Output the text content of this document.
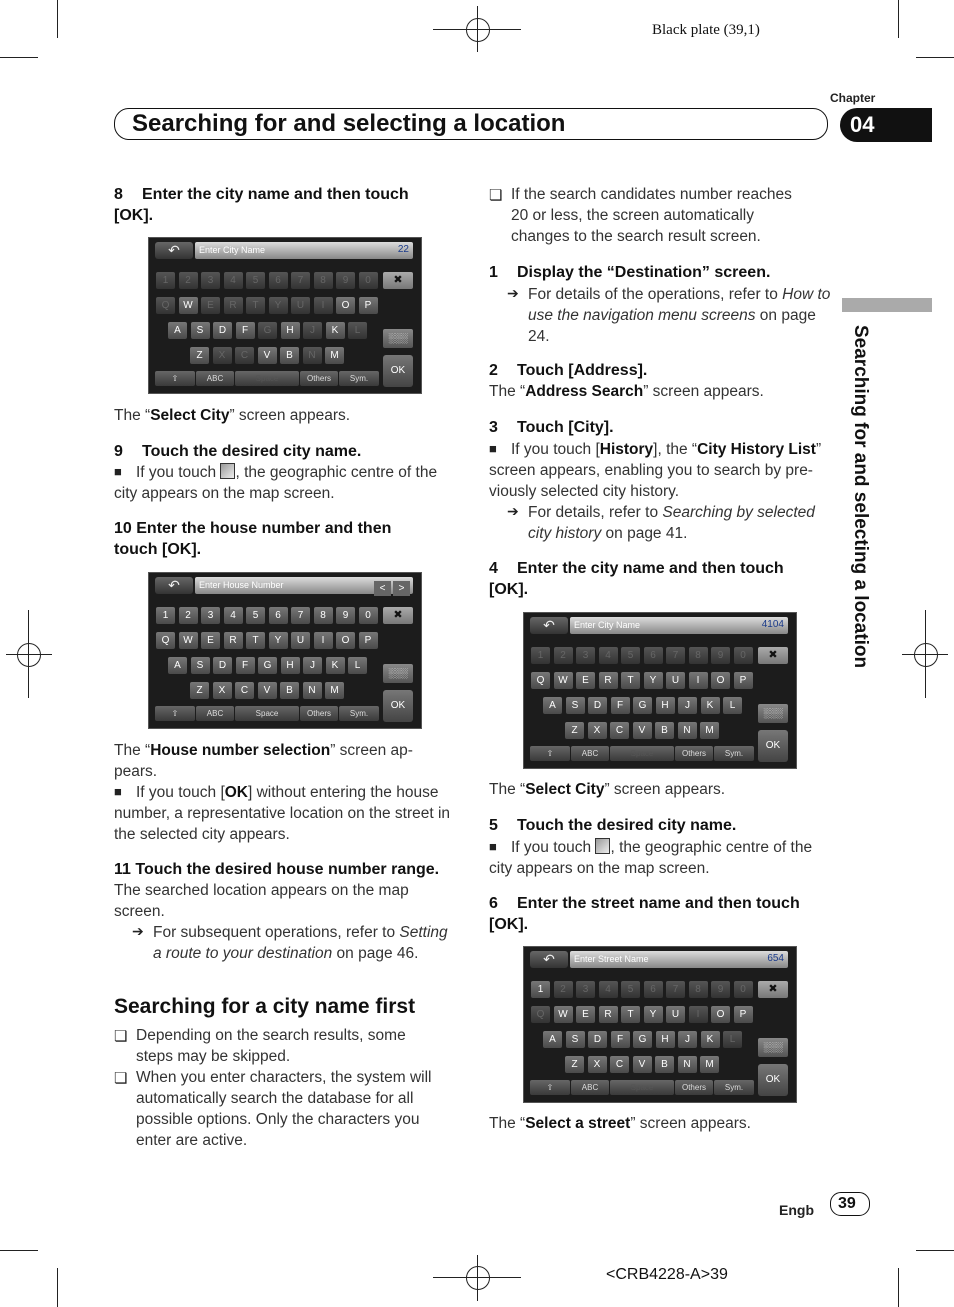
Black plate (39,1)
Chapter
Searching for and selecting a location	04
Searching for and selecting a location
8 Enter the city name and then touch
[OK].
↶	Enter City Name	22
1	2	3	4	5	6	7	8	9	0	✖
Q	W	E	R	T	Y	U	I	O	P
A	S	D	F	G	H	J	K	L
░░░
Z	X	C	V	B	N	M
OK
⇧	ABC	Space	Others	Sym.
The “Select City” screen appears.
9 Touch the desired city name.
■ If you touch , the geographic centre of the
city appears on the map screen.
10 Enter the house number and then
touch [OK].
↶	Enter House Number	< >
1	2	3	4	5	6	7	8	9	0	✖
Q	W	E	R	T	Y	U	I	O	P
A	S	D	F	G	H	J	K	L
░░░
Z	X	C	V	B	N	M
OK
⇧	ABC	Space	Others	Sym.
The “House number selection” screen ap-
pears.
■ If you touch [OK] without entering the house
number, a representative location on the street in
the selected city appears.
11 Touch the desired house number range.
The searched location appears on the map
screen.
➔ For subsequent operations, refer to Setting
a route to your destination on page 46.
Searching for a city name first
❏ Depending on the search results, some
steps may be skipped.
❏ When you enter characters, the system will
automatically search the database for all
possible options. Only the characters you
enter are active.
❏ If the search candidates number reaches
20 or less, the screen automatically
changes to the search result screen.
1 Display the “Destination” screen.
➔ For details of the operations, refer to How to
use the navigation menu screens on page
24.
2 Touch [Address].
The “Address Search” screen appears.
3 Touch [City].
■ If you touch [History], the “City History List”
screen appears, enabling you to search by pre-
viously selected city history.
➔ For details, refer to Searching by selected
city history on page 41.
4 Enter the city name and then touch
[OK].
↶	Enter City Name	4104
1	2	3	4	5	6	7	8	9	0	✖
Q	W	E	R	T	Y	U	I	O	P
A	S	D	F	G	H	J	K	L
░░░
Z	X	C	V	B	N	M
OK
⇧	ABC	Space	Others	Sym.
The “Select City” screen appears.
5 Touch the desired city name.
■ If you touch , the geographic centre of the
city appears on the map screen.
6 Enter the street name and then touch
[OK].
↶	Enter Street Name	654
1	2	3	4	5	6	7	8	9	0	✖
Q	W	E	R	T	Y	U	I	O	P
A	S	D	F	G	H	J	K	L
░░░
Z	X	C	V	B	N	M
OK
⇧	ABC	Space	Others	Sym.
The “Select a street” screen appears.
Engb 39
<CRB4228-A>39
